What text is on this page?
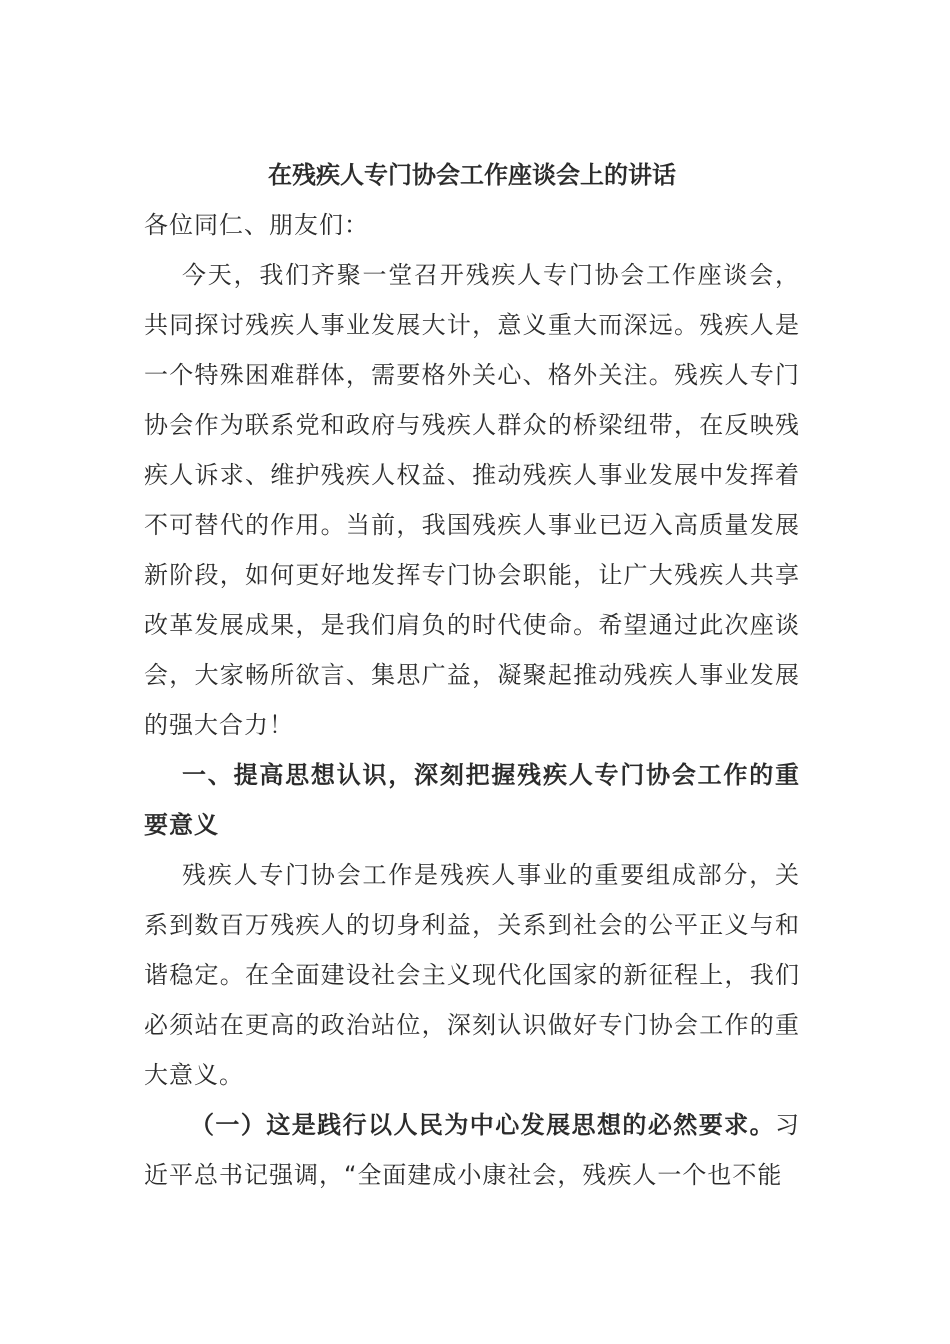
在残疾人专门协会工作座谈会上的讲话

各位同仁、朋友们：

今天，我们齐聚一堂召开残疾人专门协会工作座谈会，共同探讨残疾人事业发展大计，意义重大而深远。残疾人是一个特殊困难群体，需要格外关心、格外关注。残疾人专门协会作为联系党和政府与残疾人群众的桥梁纽带，在反映残疾人诉求、维护残疾人权益、推动残疾人事业发展中发挥着不可替代的作用。当前，我国残疾人事业已迈入高质量发展新阶段，如何更好地发挥专门协会职能，让广大残疾人共享改革发展成果，是我们肩负的时代使命。希望通过此次座谈会，大家畅所欲言、集思广益，凝聚起推动残疾人事业发展的强大合力！

一、提高思想认识，深刻把握残疾人专门协会工作的重要意义

残疾人专门协会工作是残疾人事业的重要组成部分，关系到数百万残疾人的切身利益，关系到社会的公平正义与和谐稳定。在全面建设社会主义现代化国家的新征程上，我们必须站在更高的政治站位，深刻认识做好专门协会工作的重大意义。

（一）这是践行以人民为中心发展思想的必然要求。习近平总书记强调，“全面建成小康社会，残疾人一个也不能
